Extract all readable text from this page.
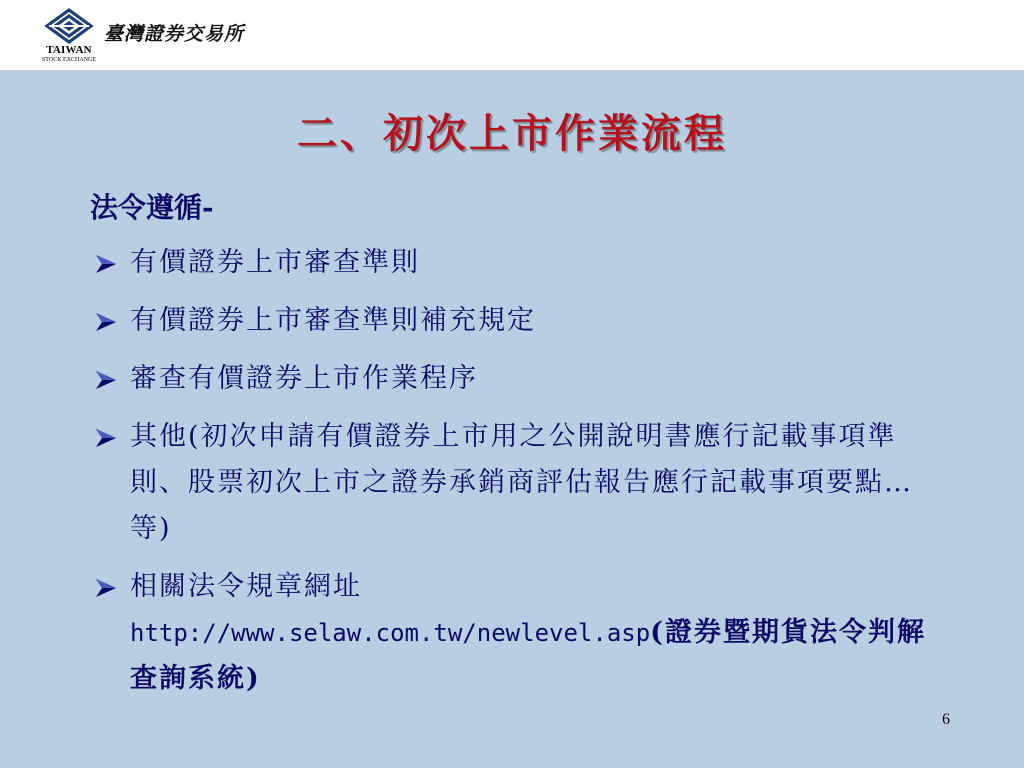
TAIWAN
STOCK EXCHANGE
臺灣證券交易所
二、初次上市作業流程
法令遵循-
有價證券上市審查準則
有價證券上市審查準則補充規定
審查有價證券上市作業程序
其他(初次申請有價證券上市用之公開說明書應行記載事項準則、股票初次上市之證券承銷商評估報告應行記載事項要點…等)
相關法令規章網址
http://www.selaw.com.tw/newlevel.asp(證券暨期貨法令判解查詢系統)
6
